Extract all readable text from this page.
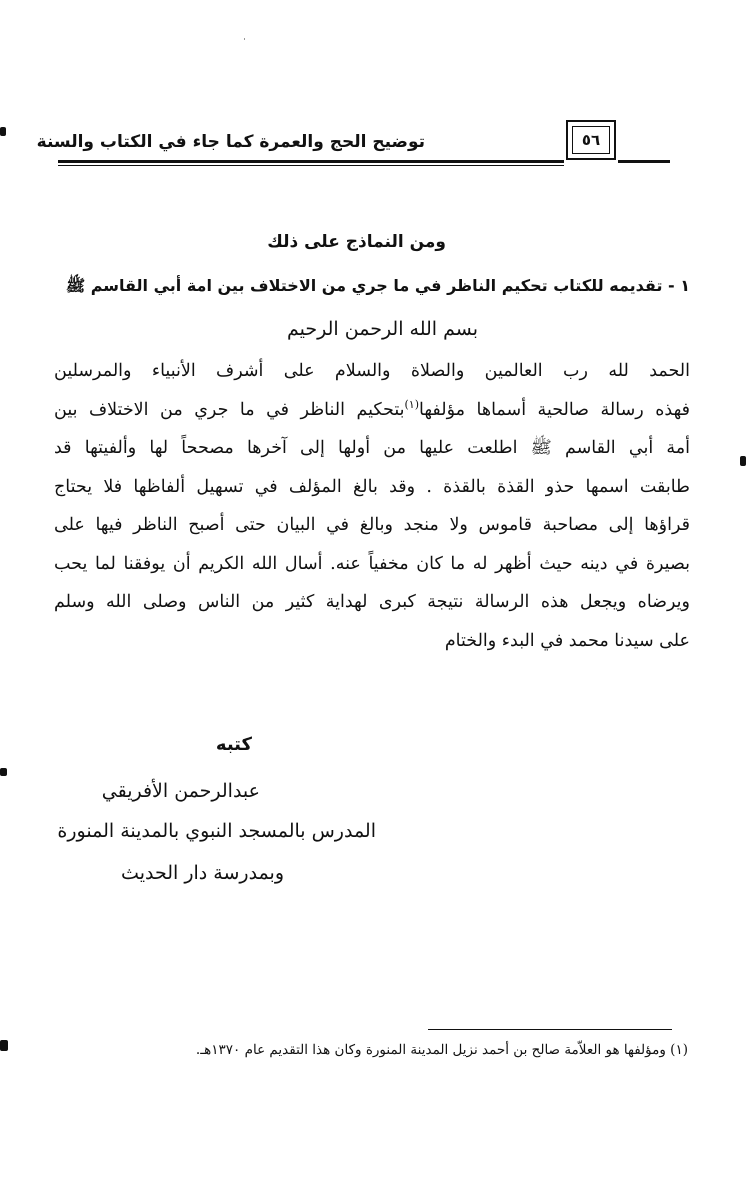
توضيح الحج والعمرة كما جاء في الكتاب والسنة	٥٦
ومن النماذج على ذلك
١ - تقديمه للكتاب تحكيم الناظر في ما جري من الاختلاف بين امة أبي القاسم ﷺ
بسم الله الرحمن الرحيم
الحمد لله رب العالمين والصلاة والسلام على أشرف الأنبياء والمرسلين
فهذه رسالة صالحية أسماها مؤلفها$^{(١)}$بتحكيم الناظر في ما جري من الاختلاف بين
أمة أبي القاسم ﷺ اطلعت عليها من أولها إلى آخرها مصححاً لها وألفيتها قد
طابقت اسمها حذو القذة بالقذة . وقد بالغ المؤلف في تسهيل ألفاظها فلا يحتاج
قراؤها إلى مصاحبة قاموس ولا منجد وبالغ في البيان حتى أصبح الناظر فيها على
بصيرة في دينه حيث أظهر له ما كان مخفياً عنه. أسال الله الكريم أن يوفقنا لما يحب
ويرضاه ويجعل هذه الرسالة نتيجة كبرى لهداية كثير من الناس وصلى الله وسلم
على سيدنا محمد في البدء والختام
كتبه
عبدالرحمن الأفريقي
المدرس بالمسجد النبوي بالمدينة المنورة
وبمدرسة دار الحديث
(١) ومؤلفها هو العلاّمة صالح بن أحمد نزيل المدينة المنورة وكان هذا التقديم عام ١٣٧٠هـ.
